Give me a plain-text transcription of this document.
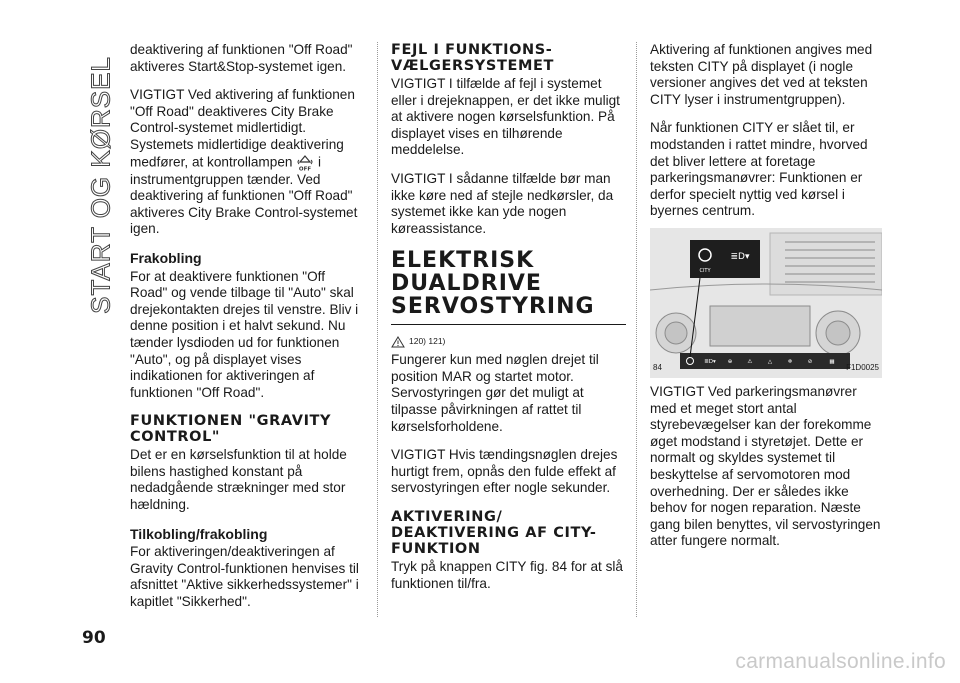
START OG KØRSEL

deaktivering af funktionen "Off Road" aktiveres Start&Stop-systemet igen.

VIGTIGT Ved aktivering af funktionen "Off Road" deaktiveres City Brake Control-systemet midlertidigt. Systemets midlertidige deaktivering medfører, at kontrollampen OFF i instrumentgruppen tænder. Ved deaktivering af funktionen "Off Road" aktiveres City Brake Control-systemet igen.

Frakobling

For at deaktivere funktionen "Off Road" og vende tilbage til "Auto" skal drejekontakten drejes til venstre. Bliv i denne position i et halvt sekund. Nu tænder lysdioden ud for funktionen "Auto", og på displayet vises indikationen for aktiveringen af funktionen "Off Road".

FUNKTIONEN "GRAVITY CONTROL"

Det er en kørselsfunktion til at holde bilens hastighed konstant på nedadgående strækninger med stor hældning.

Tilkobling/frakobling

For aktiveringen/deaktiveringen af Gravity Control-funktionen henvises til afsnittet "Aktive sikkerhedssystemer" i kapitlet "Sikkerhed".

FEJL I FUNKTIONS-VÆLGERSYSTEMET

VIGTIGT I tilfælde af fejl i systemet eller i drejeknappen, er det ikke muligt at aktivere nogen kørselsfunktion. På displayet vises en tilhørende meddelelse.

VIGTIGT I sådanne tilfælde bør man ikke køre ned af stejle nedkørsler, da systemet ikke kan yde nogen køreassistance.

ELEKTRISK DUALDRIVE SERVOSTYRING
120) 121)

Fungerer kun med nøglen drejet til position MAR og startet motor. Servostyringen gør det muligt at tilpasse påvirkningen af rattet til kørselsforholdene.

VIGTIGT Hvis tændingsnøglen drejes hurtigt frem, opnås den fulde effekt af servostyringen efter nogle sekunder.

AKTIVERING/ DEAKTIVERING AF CITY-FUNKTION

Tryk på knappen CITY fig. 84 for at slå funktionen til/fra.

Aktivering af funktionen angives med teksten CITY på displayet (i nogle versioner angives det ved at teksten CITY lyser i instrumentgruppen).

Når funktionen CITY er slået til, er modstanden i rattet mindre, hvorved det bliver lettere at foretage parkeringsmanøvrer: Funktionen er derfor specielt nyttig ved kørsel i byernes centrum.

CITY
≣D▾
≣D▾ ⊕	⚠	△	❄	⊘	▦
84	F1D0025

VIGTIGT Ved parkeringsmanøvrer med et meget stort antal styrebevægelser kan der forekomme øget modstand i styretøjet. Dette er normalt og skyldes systemet til beskyttelse af servomotoren mod overhedning. Der er således ikke behov for nogen reparation. Næste gang bilen benyttes, vil servostyringen atter fungere normalt.

90
carmanualsonline.info
